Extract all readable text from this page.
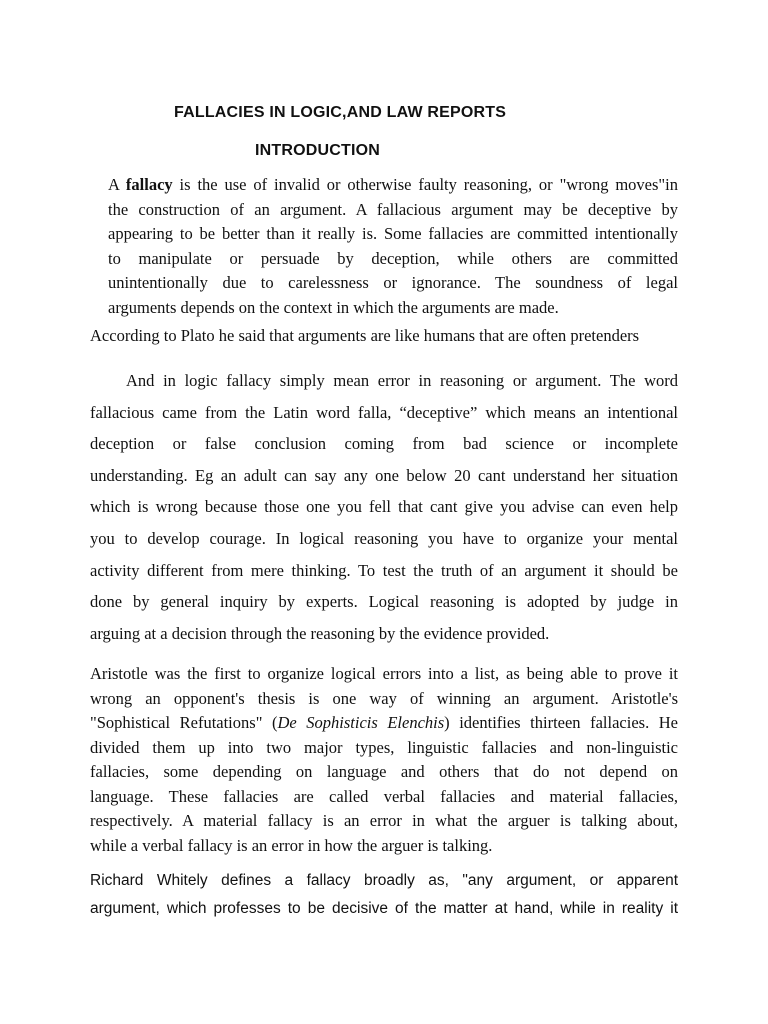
FALLACIES IN LOGIC,AND LAW REPORTS
INTRODUCTION

A fallacy is the use of invalid or otherwise faulty reasoning, or "wrong moves"in
the construction of an argument. A fallacious argument may be deceptive by
appearing to be better than it really is. Some fallacies are committed intentionally
to manipulate or persuade by deception, while others are committed
unintentionally due to carelessness or ignorance. The soundness of legal
arguments depends on the context in which the arguments are made.

According to Plato he said that arguments are like humans that are often pretenders

And in logic fallacy simply mean error in reasoning or argument. The word
fallacious came from the Latin word falla, “deceptive” which means an intentional
deception or false conclusion coming from bad science or incomplete
understanding. Eg an adult can say any one below 20 cant understand her situation
which is wrong because those one you fell that cant give you advise can even help
you to develop courage. In logical reasoning you have to organize your mental
activity different from mere thinking. To test the truth of an argument it should be
done by general inquiry by experts. Logical reasoning is adopted by judge in
arguing at a decision through the reasoning by the evidence provided.

Aristotle was the first to organize logical errors into a list, as being able to prove it
wrong an opponent's thesis is one way of winning an argument. Aristotle's
"Sophistical Refutations" (De Sophisticis Elenchis) identifies thirteen fallacies. He
divided them up into two major types, linguistic fallacies and non-linguistic
fallacies, some depending on language and others that do not depend on
language. These fallacies are called verbal fallacies and material fallacies,
respectively. A material fallacy is an error in what the arguer is talking about,
while a verbal fallacy is an error in how the arguer is talking.

Richard Whitely defines a fallacy broadly as, "any argument, or apparent
argument, which professes to be decisive of the matter at hand, while in reality it
